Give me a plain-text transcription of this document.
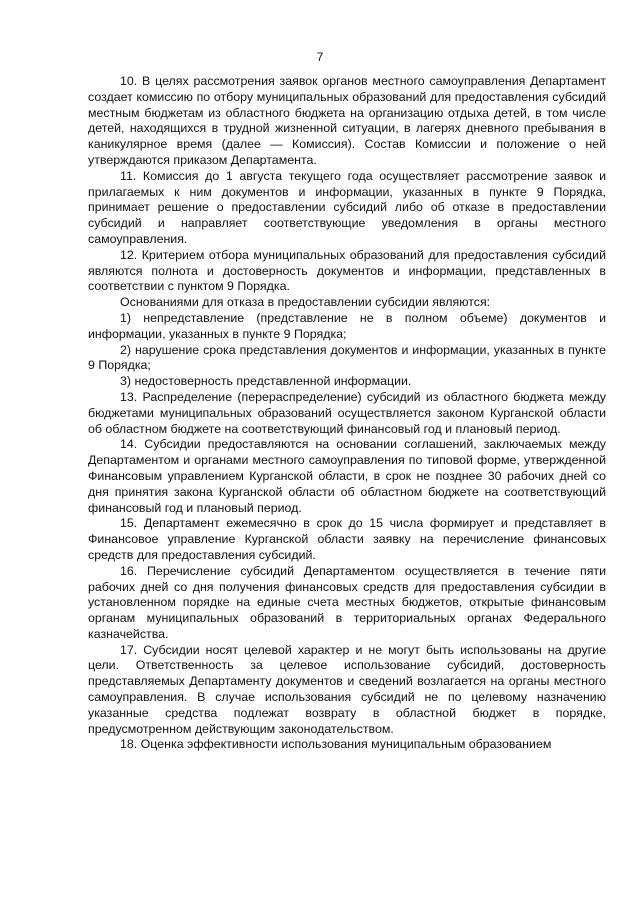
7

10. В целях рассмотрения заявок органов местного самоуправления Департамент создает комиссию по отбору муниципальных образований для предоставления субсидий местным бюджетам из областного бюджета на организацию отдыха детей, в том числе детей, находящихся в трудной жизненной ситуации, в лагерях дневного пребывания в каникулярное время (далее — Комиссия). Состав Комиссии и положение о ней утверждаются приказом Департамента.

11. Комиссия до 1 августа текущего года осуществляет рассмотрение заявок и прилагаемых к ним документов и информации, указанных в пункте 9 Порядка, принимает решение о предоставлении субсидий либо об отказе в предоставлении субсидий и направляет соответствующие уведомления в органы местного самоуправления.

12. Критерием отбора муниципальных образований для предоставления субсидий являются полнота и достоверность документов и информации, представленных в соответствии с пунктом 9 Порядка.

Основаниями для отказа в предоставлении субсидии являются:

1) непредставление (представление не в полном объеме) документов и информации, указанных в пункте 9 Порядка;

2) нарушение срока представления документов и информации, указанных в пункте 9 Порядка;

3) недостоверность представленной информации.

13. Распределение (перераспределение) субсидий из областного бюджета между бюджетами муниципальных образований осуществляется законом Курганской области об областном бюджете на соответствующий финансовый год и плановый период.

14. Субсидии предоставляются на основании соглашений, заключаемых между Департаментом и органами местного самоуправления по типовой форме, утвержденной Финансовым управлением Курганской области, в срок не позднее 30 рабочих дней со дня принятия закона Курганской области об областном бюджете на соответствующий финансовый год и плановый период.

15. Департамент ежемесячно в срок до 15 числа формирует и представляет в Финансовое управление Курганской области заявку на перечисление финансовых средств для предоставления субсидий.

16. Перечисление субсидий Департаментом осуществляется в течение пяти рабочих дней со дня получения финансовых средств для предоставления субсидии в установленном порядке на единые счета местных бюджетов, открытые финансовым органам муниципальных образований в территориальных органах Федерального казначейства.

17. Субсидии носят целевой характер и не могут быть использованы на другие цели. Ответственность за целевое использование субсидий, достоверность представляемых Департаменту документов и сведений возлагается на органы местного самоуправления. В случае использования субсидий не по целевому назначению указанные средства подлежат возврату в областной бюджет в порядке, предусмотренном действующим законодательством.

18. Оценка эффективности использования муниципальным образованием
